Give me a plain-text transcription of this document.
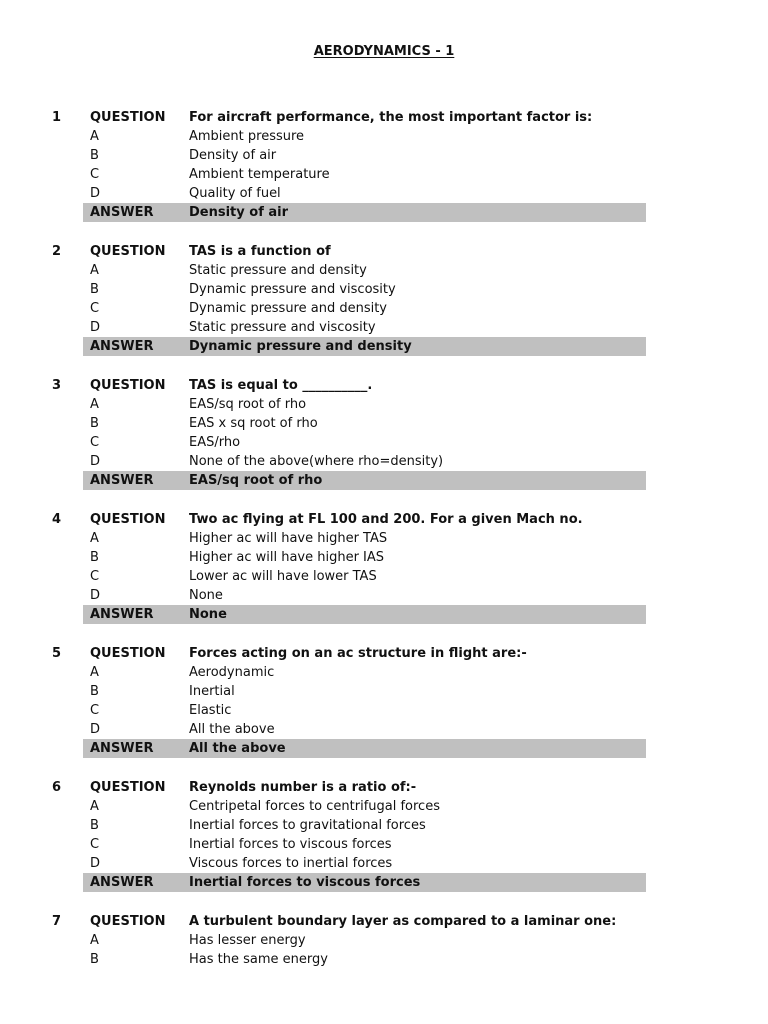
AERODYNAMICS - 1
1 QUESTION For aircraft performance, the most important factor is:
A	Ambient pressure
B	Density of air
C	Ambient temperature
D	Quality of fuel
ANSWER	Density of air
2 QUESTION TAS is a function of
A	Static pressure and density
B	Dynamic pressure and viscosity
C	Dynamic pressure and density
D	Static pressure and viscosity
ANSWER	Dynamic pressure and density
3 QUESTION TAS is equal to __________.
A	EAS/sq root of rho
B	EAS x sq root of rho
C	EAS/rho
D	None of the above(where rho=density)
ANSWER	EAS/sq root of rho
4 QUESTION Two ac flying at FL 100 and 200. For a given Mach no.
A	Higher ac will have higher TAS
B	Higher ac will have higher IAS
C	Lower ac will have lower TAS
D	None
ANSWER	None
5 QUESTION Forces acting on an ac structure in flight are:-
A	Aerodynamic
B	Inertial
C	Elastic
D	All the above
ANSWER	All the above
6 QUESTION Reynolds number is a ratio of:-
A	Centripetal forces to centrifugal forces
B	Inertial forces to gravitational forces
C	Inertial forces to viscous forces
D	Viscous forces to inertial forces
ANSWER	Inertial forces to viscous forces
7 QUESTION A turbulent boundary layer as compared to a laminar one:
A	Has lesser energy
B	Has the same energy
